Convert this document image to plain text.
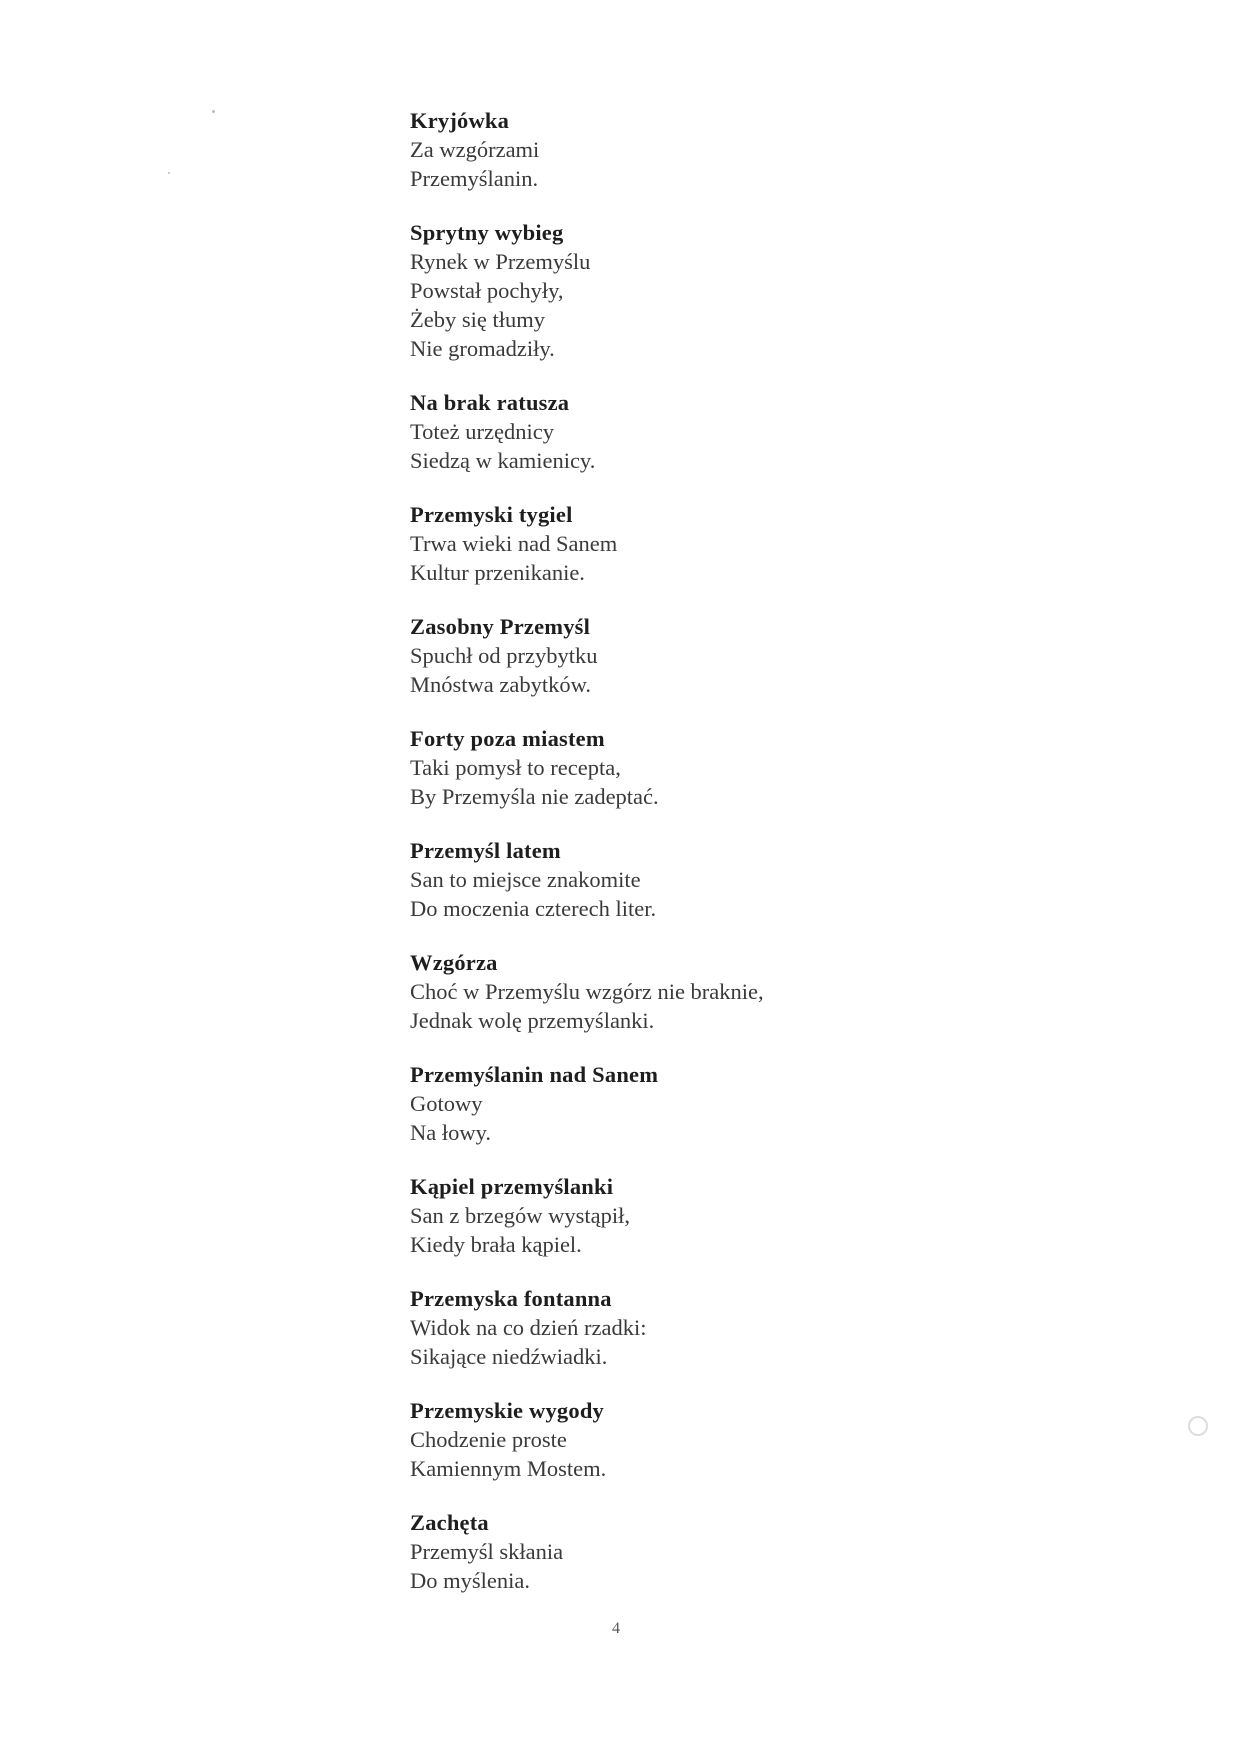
Kryjówka
Za wzgórzami
Przemyślanin.
Sprytny wybieg
Rynek w Przemyślu
Powstał pochyły,
Żeby się tłumy
Nie gromadziły.
Na brak ratusza
Toteż urzędnicy
Siedzą w kamienicy.
Przemyski tygiel
Trwa wieki nad Sanem
Kultur przenikanie.
Zasobny Przemyśl
Spuchł od przybytku
Mnóstwa zabytków.
Forty poza miastem
Taki pomysł to recepta,
By Przemyśla nie zadeptać.
Przemyśl latem
San to miejsce znakomite
Do moczenia czterech liter.
Wzgórza
Choć w Przemyślu wzgórz nie braknie,
Jednak wolę przemyślanki.
Przemyślanin nad Sanem
Gotowy
Na łowy.
Kąpiel przemyślanki
San z brzegów wystąpił,
Kiedy brała kąpiel.
Przemyska fontanna
Widok na co dzień rzadki:
Sikające niedźwiadki.
Przemyskie wygody
Chodzenie proste
Kamiennym Mostem.
Zachęta
Przemyśl skłania
Do myślenia.
4
